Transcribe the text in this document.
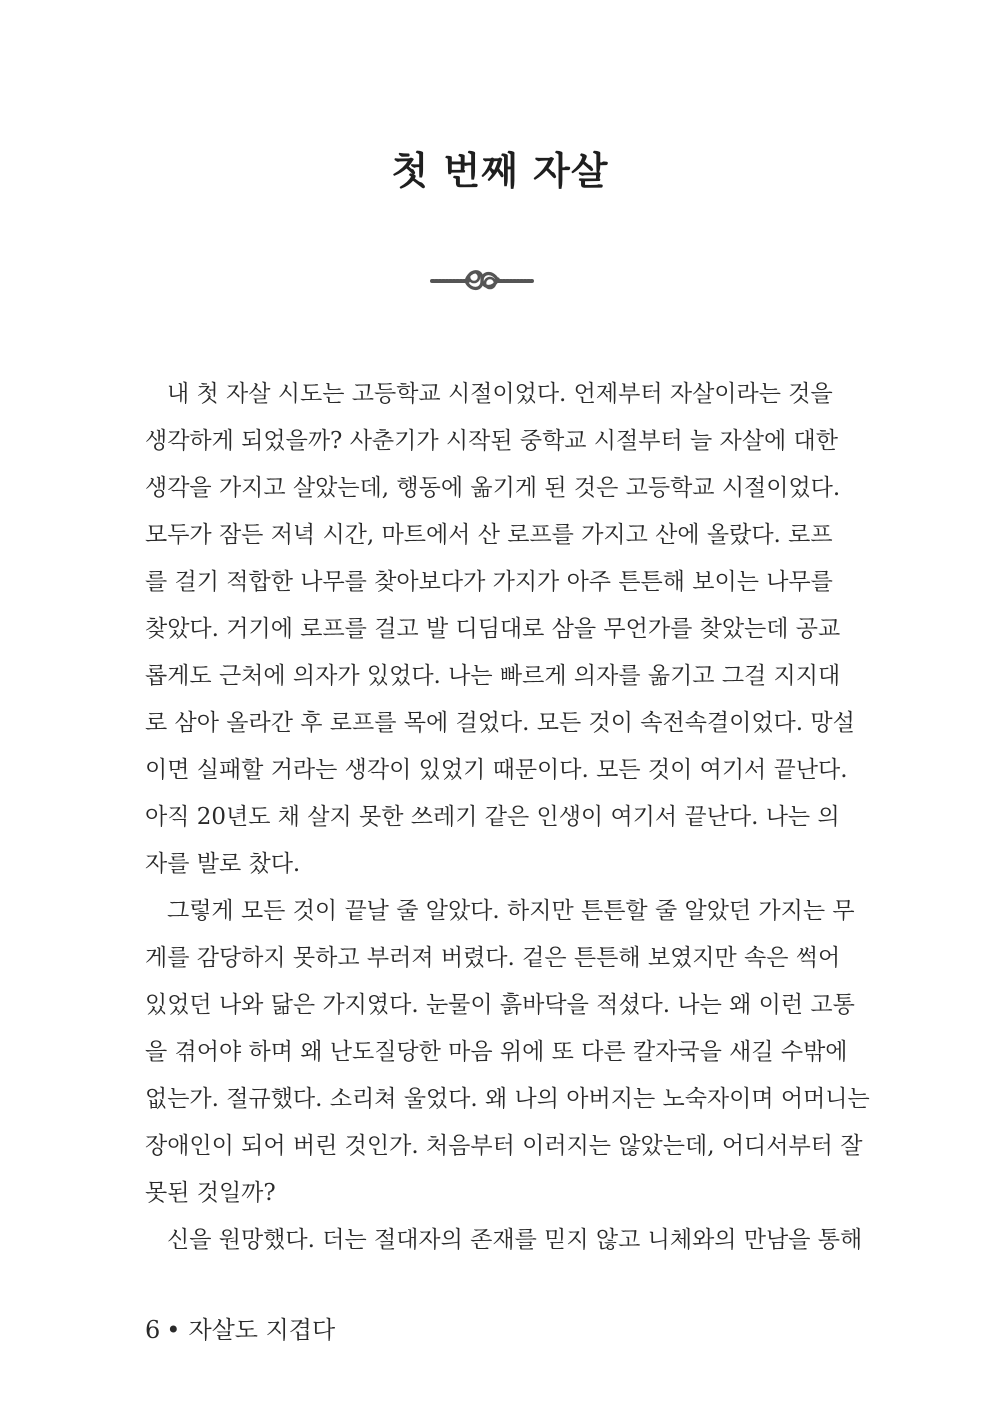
첫 번째 자살
내 첫 자살 시도는 고등학교 시절이었다. 언제부터 자살이라는 것을
생각하게 되었을까? 사춘기가 시작된 중학교 시절부터 늘 자살에 대한
생각을 가지고 살았는데, 행동에 옮기게 된 것은 고등학교 시절이었다.
모두가 잠든 저녁 시간, 마트에서 산 로프를 가지고 산에 올랐다. 로프
를 걸기 적합한 나무를 찾아보다가 가지가 아주 튼튼해 보이는 나무를
찾았다. 거기에 로프를 걸고 발 디딤대로 삼을 무언가를 찾았는데 공교
롭게도 근처에 의자가 있었다. 나는 빠르게 의자를 옮기고 그걸 지지대
로 삼아 올라간 후 로프를 목에 걸었다. 모든 것이 속전속결이었다. 망설
이면 실패할 거라는 생각이 있었기 때문이다. 모든 것이 여기서 끝난다.
아직 20년도 채 살지 못한 쓰레기 같은 인생이 여기서 끝난다. 나는 의
자를 발로 찼다.
그렇게 모든 것이 끝날 줄 알았다. 하지만 튼튼할 줄 알았던 가지는 무
게를 감당하지 못하고 부러져 버렸다. 겉은 튼튼해 보였지만 속은 썩어
있었던 나와 닮은 가지였다. 눈물이 흙바닥을 적셨다. 나는 왜 이런 고통
을 겪어야 하며 왜 난도질당한 마음 위에 또 다른 칼자국을 새길 수밖에
없는가. 절규했다. 소리쳐 울었다. 왜 나의 아버지는 노숙자이며 어머니는
장애인이 되어 버린 것인가. 처음부터 이러지는 않았는데, 어디서부터 잘
못된 것일까?
신을 원망했다. 더는 절대자의 존재를 믿지 않고 니체와의 만남을 통해
6 • 자살도 지겹다
